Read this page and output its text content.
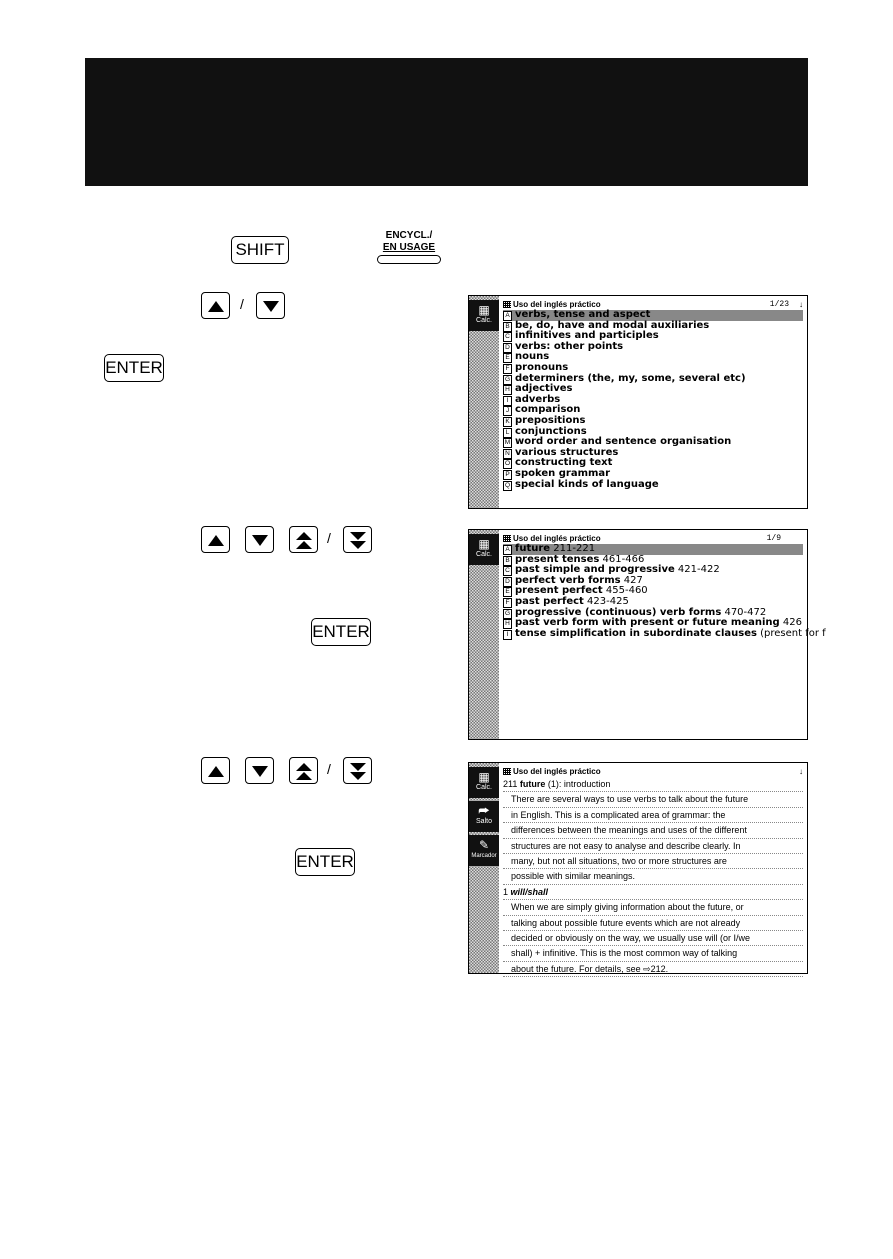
SHIFT
ENCYCL./
EN USAGE
/
ENTER
/
ENTER
/
ENTER
▦
Calc.
Uso del inglés práctico	1/23 ↓
A verbs, tense and aspect
B be, do, have and modal auxiliaries
C infinitives and participles
D verbs: other points
E nouns
F pronouns
G determiners (the, my, some, several etc)
H adjectives
I adverbs
J comparison
K prepositions
L conjunctions
M word order and sentence organisation
N various structures
O constructing text
P spoken grammar
Q special kinds of language
▦
Calc.
Uso del inglés práctico	1/9
A future 211-221
B present tenses 461-466
C past simple and progressive 421-422
D perfect verb forms 427
E present perfect 455-460
F past perfect 423-425
G progressive (continuous) verb forms 470-472
H past verb form with present or future meaning 426
I tense simplification in subordinate clauses (present for f
▦
Calc.
⮫
Salto
✎
Marcador
Uso del inglés práctico	↓
211 future (1): introduction
There are several ways to use verbs to talk about the future
in English. This is a complicated area of grammar: the
differences between the meanings and uses of the different
structures are not easy to analyse and describe clearly. In
many, but not all situations, two or more structures are
possible with similar meanings.
1 will/shall
When we are simply giving information about the future, or
talking about possible future events which are not already
decided or obviously on the way, we usually use will (or I/we
shall) + infinitive. This is the most common way of talking
about the future. For details, see ⇨212.
